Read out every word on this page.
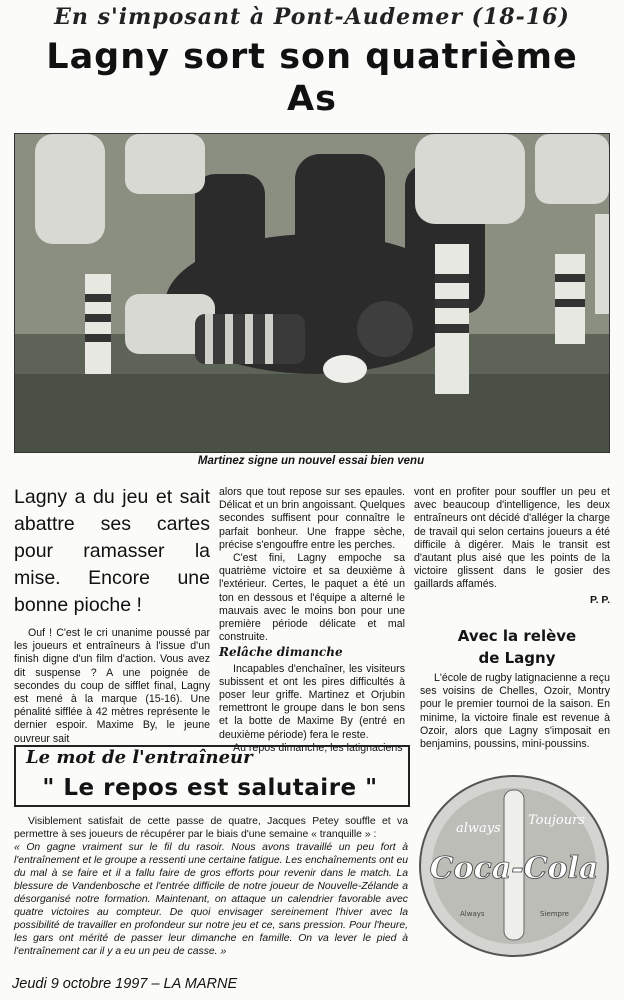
En s'imposant à Pont-Audemer (18-16)
Lagny sort son quatrième
As
Martinez signe un nouvel essai bien venu
Lagny a du jeu et sait abattre ses cartes pour ramasser la mise. Encore une bonne pioche !

Ouf ! C'est le cri unanime poussé par les joueurs et entraîneurs à l'issue d'un finish digne d'un film d'action. Vous avez dit suspense ? A une poignée de secondes du coup de sifflet final, Lagny est mené à la marque (15-16). Une pénalité sifflée à 42 mètres représente le dernier espoir. Maxime By, le jeune ouvreur sait

alors que tout repose sur ses epaules. Délicat et un brin angoissant. Quelques secondes suffisent pour connaître le parfait bonheur. Une frappe sèche, précise s'engouffre entre les perches.

C'est fini, Lagny empoche sa quatrième victoire et sa deuxième à l'extérieur. Certes, le paquet a été un ton en dessous et l'équipe a alterné le mauvais avec le moins bon pour une première période délicate et mal construite.

Relâche dimanche

Incapables d'enchaîner, les visiteurs subissent et ont les pires difficultés à poser leur griffe. Martinez et Orjubin remettront le groupe dans le bon sens et la botte de Maxime By (entré en deuxième période) fera le reste.

Au repos dimanche, les latignaciens

vont en profiter pour souffler un peu et avec beaucoup d'intelligence, les deux entraîneurs ont décidé d'alléger la charge de travail qui selon certains joueurs a été difficile à digérer. Mais le transit est d'autant plus aisé que les points de la victoire glissent dans le gosier des gaillards affamés.

P. P.
Avec la relève
de Lagny

L'école de rugby latignacienne a reçu ses voisins de Chelles, Ozoir, Montry pour le premier tournoi de la saison. En minime, la victoire finale est revenue à Ozoir, alors que Lagny s'imposait en benjamins, poussins, mini-poussins.

Le mot de l'entraîneur
" Le repos est salutaire "

Visiblement satisfait de cette passe de quatre, Jacques Petey souffle et va permettre à ses joueurs de récupérer par le biais d'une semaine « tranquille » :

« On gagne vraiment sur le fil du rasoir. Nous avons travaillé un peu fort à l'entraînement et le groupe a ressenti une certaine fatigue. Les enchaînements ont eu du mal à se faire et il a fallu faire de gros efforts pour revenir dans le match. La blessure de Vandenbosche et l'entrée difficile de notre joueur de Nouvelle-Zélande a désorganisé notre formation. Maintenant, on attaque un calendrier favorable avec quatre victoires au compteur. De quoi envisager sereinement l'hiver avec la possibilité de travailler en profondeur sur notre jeu et ce, sans pression. Pour l'heure, les gars ont mérité de passer leur dimanche en famille. On va lever le pied à l'entraînement car il y a eu un peu de casse. »

always
Toujours
Coca-Cola
Always	Siempre
Jeudi 9 octobre 1997 – LA MARNE
